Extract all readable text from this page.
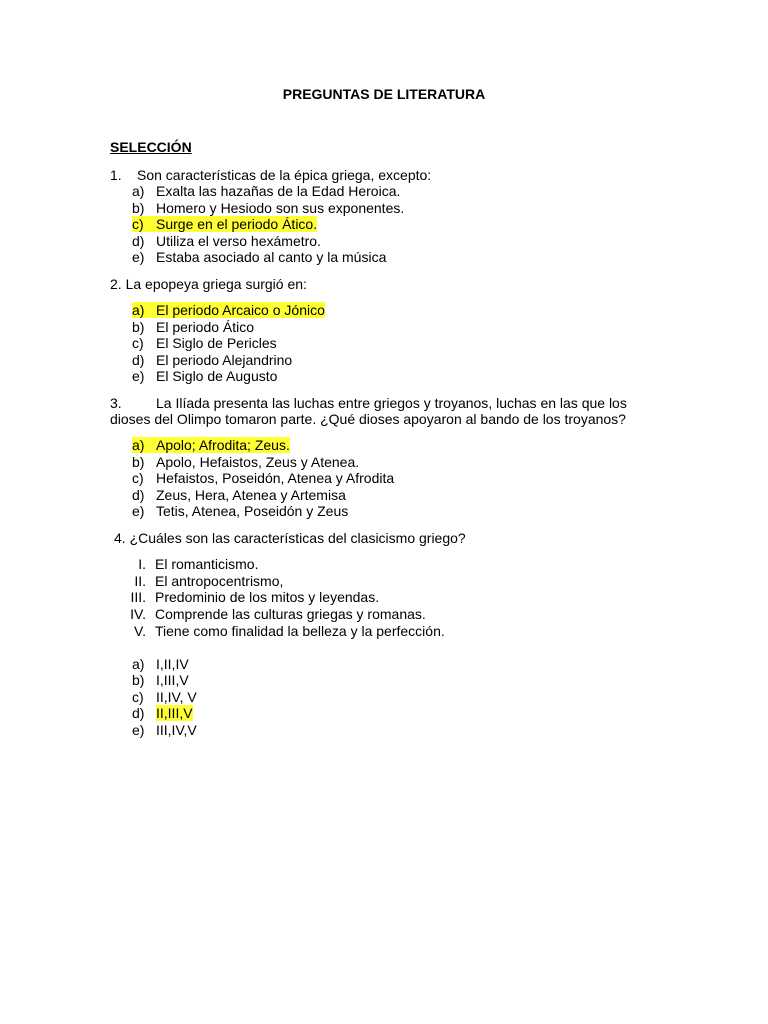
PREGUNTAS DE LITERATURA
SELECCIÓN
1. Son características de la épica griega, excepto:
a) Exalta las hazañas de la Edad Heroica.
b) Homero y Hesiodo son sus exponentes.
c) Surge en el periodo Ático.
d) Utiliza el verso hexámetro.
e) Estaba asociado al canto y la música
2. La epopeya griega surgió en:
a) El periodo Arcaico o Jónico
b) El periodo Ático
c) El Siglo de Pericles
d) El periodo Alejandrino
e) El Siglo de Augusto
3. La Ilíada presenta las luchas entre griegos y troyanos, luchas en las que los
dioses del Olimpo tomaron parte. ¿Qué dioses apoyaron al bando de los troyanos?
a) Apolo; Afrodita; Zeus.
b) Apolo, Hefaistos, Zeus y Atenea.
c) Hefaistos, Poseidón, Atenea y Afrodita
d) Zeus, Hera, Atenea y Artemisa
e) Tetis, Atenea, Poseidón y Zeus
4. ¿Cuáles son las características del clasicismo griego?
I. El romanticismo.
II. El antropocentrismo,
III. Predominio de los mitos y leyendas.
IV. Comprende las culturas griegas y romanas.
V. Tiene como finalidad la belleza y la perfección.
a) I,II,IV
b) I,III,V
c) II,IV, V
d) II,III,V
e) III,IV,V
